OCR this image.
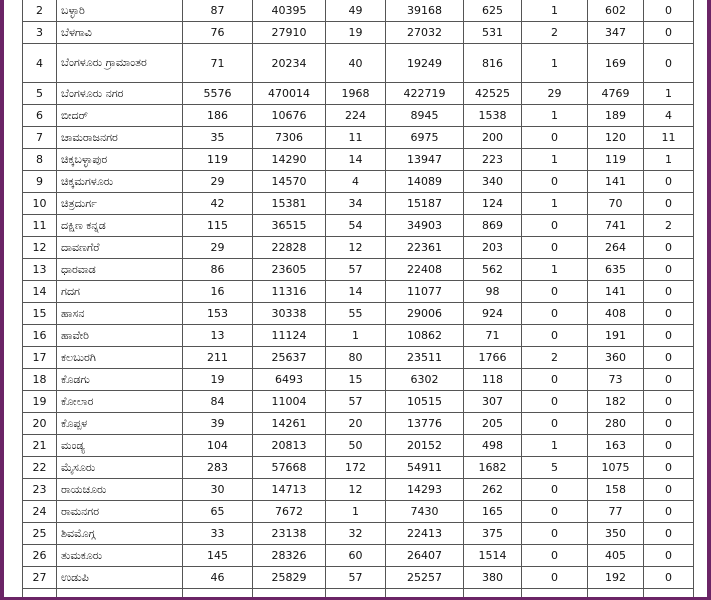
2	ಬಳ್ಳಾರಿ	87	40395	49	39168	625	1	602	0
3	ಬೆಳಗಾವಿ	76	27910	19	27032	531	2	347	0
4	ಬೆಂಗಳೂರು ಗ್ರಾಮಾಂತರ	71	20234	40	19249	816	1	169	0
5	ಬೆಂಗಳೂರು ನಗರ	5576	470014	1968	422719	42525	29	4769	1
6	ಬೀದರ್	186	10676	224	8945	1538	1	189	4
7	ಚಾಮರಾಜನಗರ	35	7306	11	6975	200	0	120	11
8	ಚಿಕ್ಕಬಳ್ಳಾಪುರ	119	14290	14	13947	223	1	119	1
9	ಚಿಕ್ಕಮಗಳೂರು	29	14570	4	14089	340	0	141	0
10	ಚಿತ್ರದುರ್ಗ	42	15381	34	15187	124	1	70	0
11	ದಕ್ಷಿಣ ಕನ್ನಡ	115	36515	54	34903	869	0	741	2
12	ದಾವಣಗೆರೆ	29	22828	12	22361	203	0	264	0
13	ಧಾರವಾಡ	86	23605	57	22408	562	1	635	0
14	ಗದಗ	16	11316	14	11077	98	0	141	0
15	ಹಾಸನ	153	30338	55	29006	924	0	408	0
16	ಹಾವೇರಿ	13	11124	1	10862	71	0	191	0
17	ಕಲಬುರಗಿ	211	25637	80	23511	1766	2	360	0
18	ಕೊಡಗು	19	6493	15	6302	118	0	73	0
19	ಕೋಲಾರ	84	11004	57	10515	307	0	182	0
20	ಕೊಪ್ಪಳ	39	14261	20	13776	205	0	280	0
21	ಮಂಡ್ಯ	104	20813	50	20152	498	1	163	0
22	ಮೈಸೂರು	283	57668	172	54911	1682	5	1075	0
23	ರಾಯಚೂರು	30	14713	12	14293	262	0	158	0
24	ರಾಮನಗರ	65	7672	1	7430	165	0	77	0
25	ಶಿವಮೊಗ್ಗ	33	23138	32	22413	375	0	350	0
26	ತುಮಕೂರು	145	28326	60	26407	1514	0	405	0
27	ಉಡುಪಿ	46	25829	57	25257	380	0	192	0
